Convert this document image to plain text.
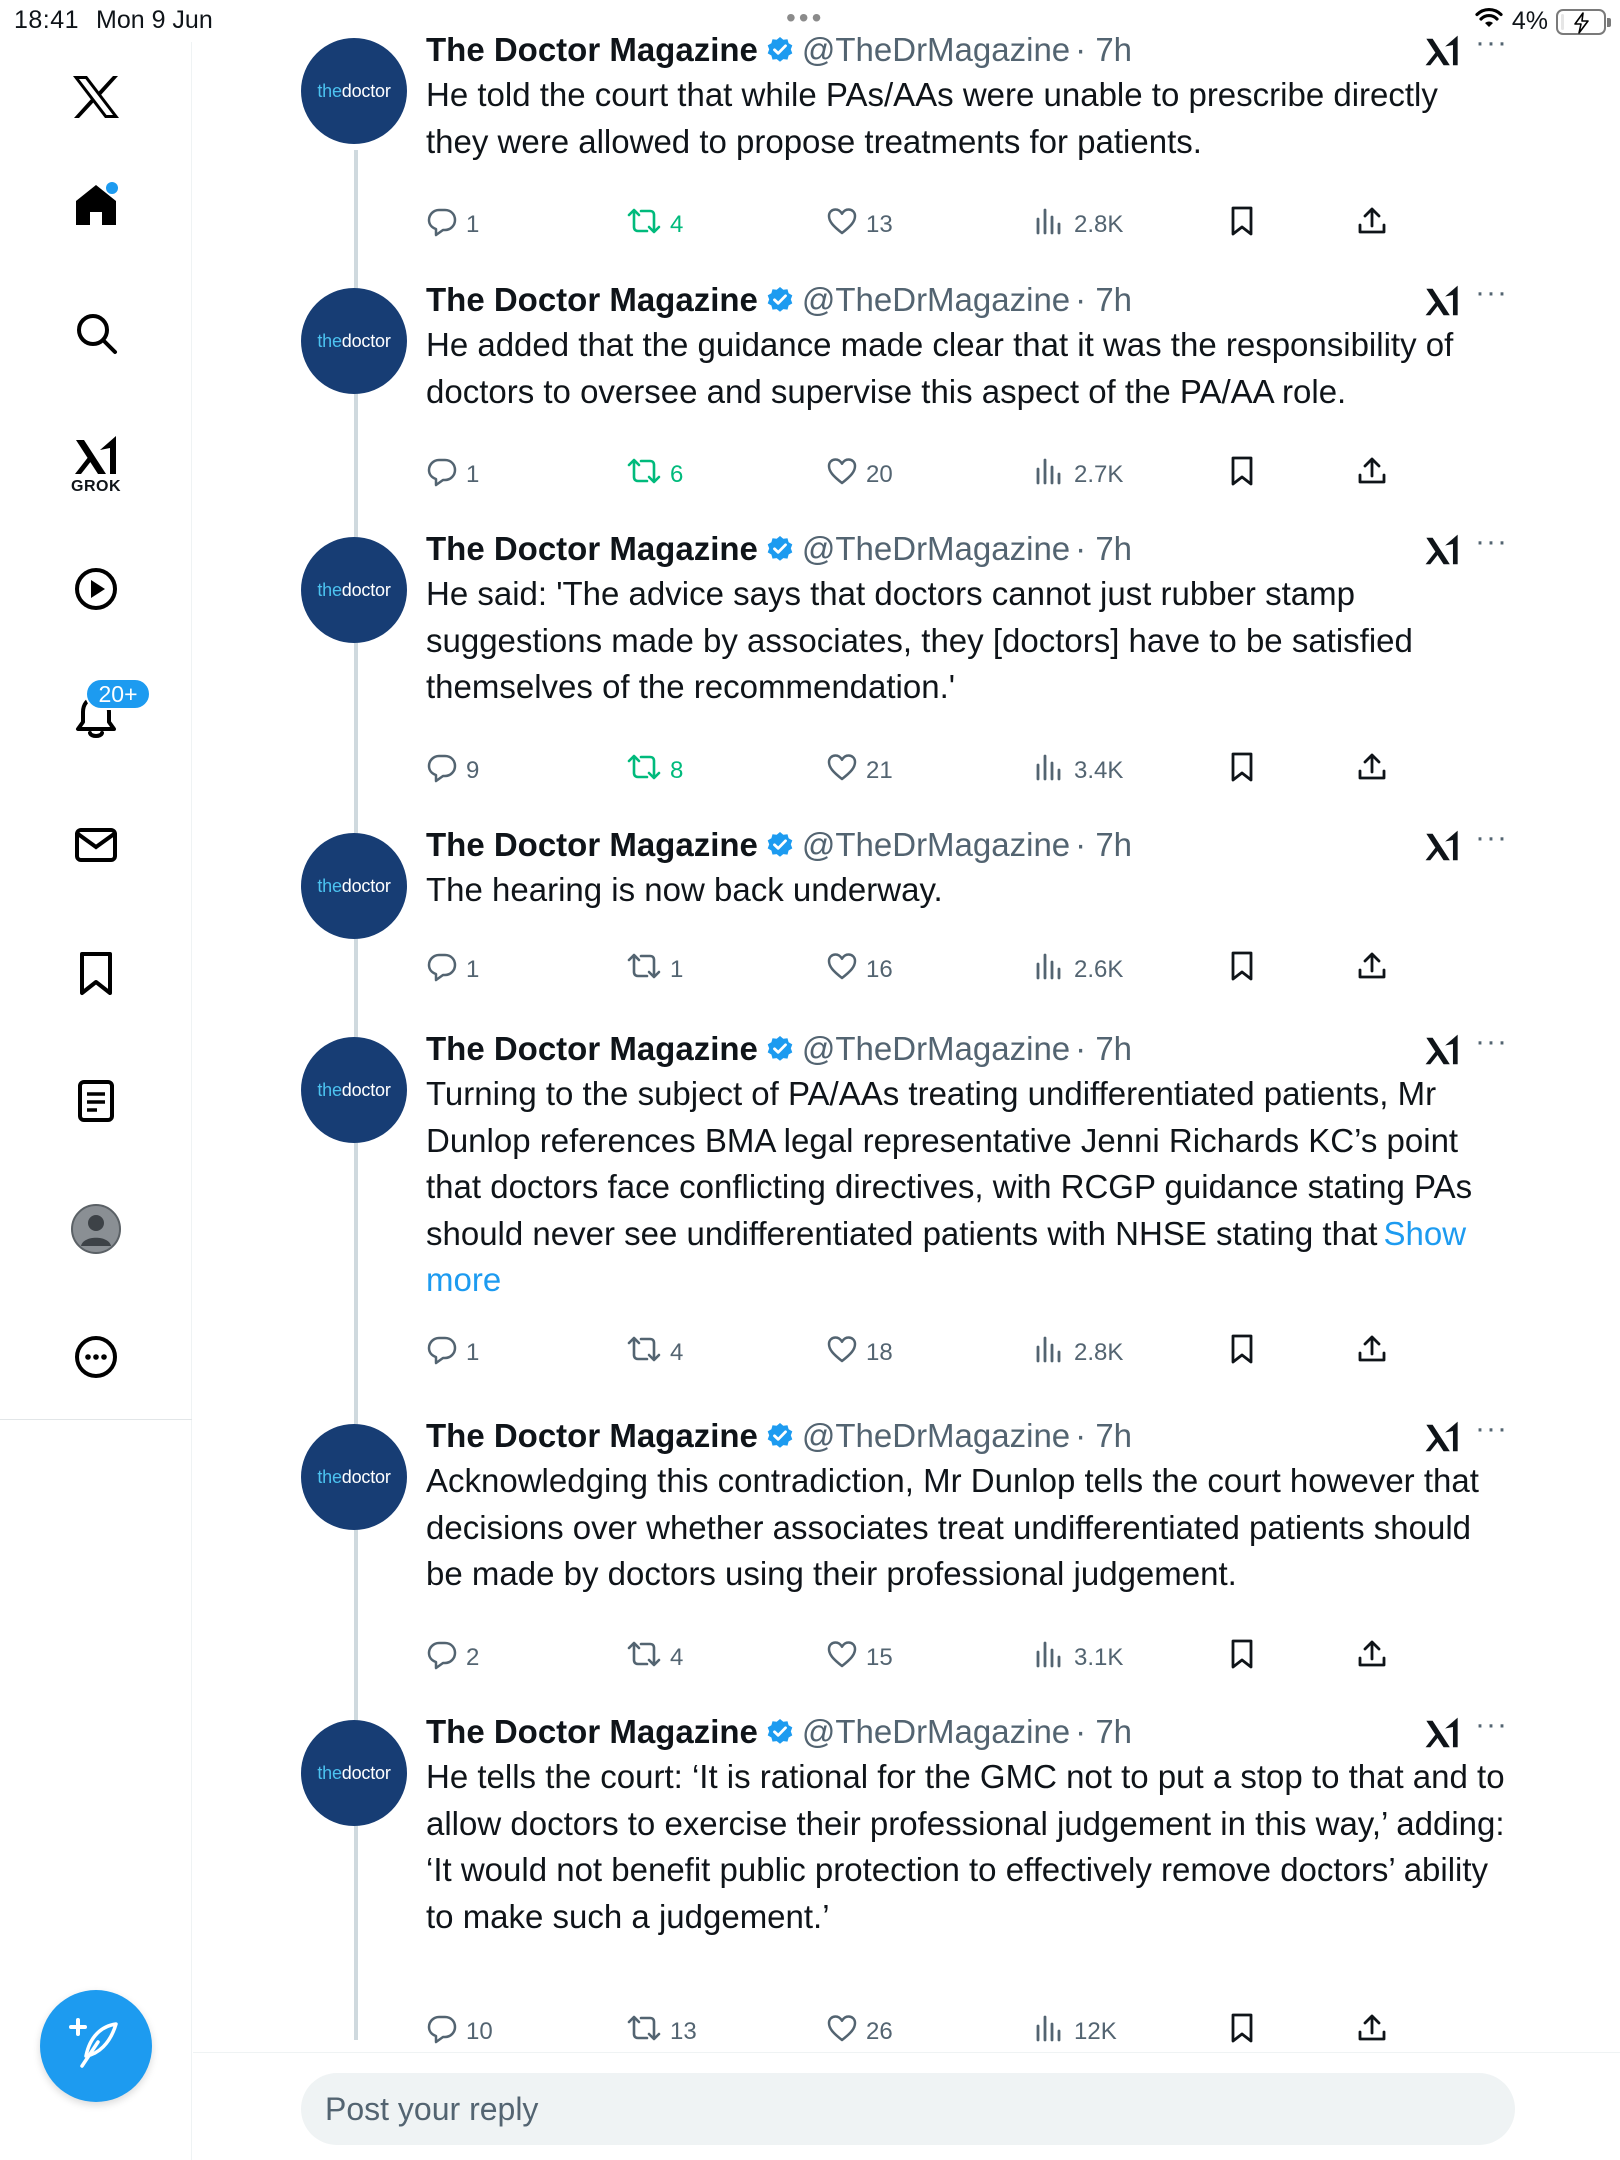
18:41 Mon 9 Jun	•••	4%
GROK
20+
the doctor
The Doctor Magazine @TheDrMagazine · 7h	···
He told the court that while PAs/AAs were unable to prescribe directly they were allowed to propose treatments for patients.
1	4	13	2.8K
the doctor
The Doctor Magazine @TheDrMagazine · 7h	···
He added that the guidance made clear that it was the responsibility of doctors to oversee and supervise this aspect of the PA/AA role.
1	6	20	2.7K
the doctor
The Doctor Magazine @TheDrMagazine · 7h	···
He said: 'The advice says that doctors cannot just rubber stamp suggestions made by associates, they [doctors] have to be satisfied themselves of the recommendation.'
9	8	21	3.4K
the doctor
The Doctor Magazine @TheDrMagazine · 7h	···
The hearing is now back underway.
1	1	16	2.6K
the doctor
The Doctor Magazine @TheDrMagazine · 7h	···
Turning to the subject of PA/AAs treating undifferentiated patients, Mr Dunlop references BMA legal representative Jenni Richards KC’s point that doctors face conflicting directives, with RCGP guidance stating PAs should never see undifferentiated patients with NHSE stating that Show more
1	4	18	2.8K
the doctor
The Doctor Magazine @TheDrMagazine · 7h	···
Acknowledging this contradiction, Mr Dunlop tells the court however that decisions over whether associates treat undifferentiated patients should be made by doctors using their professional judgement.
2	4	15	3.1K
the doctor
The Doctor Magazine @TheDrMagazine · 7h	···
He tells the court: ‘It is rational for the GMC not to put a stop to that and to allow doctors to exercise their professional judgement in this way,’ adding: ‘It would not benefit public protection to effectively remove doctors’ ability to make such a judgement.’
10	13	26	12K
Post your reply
